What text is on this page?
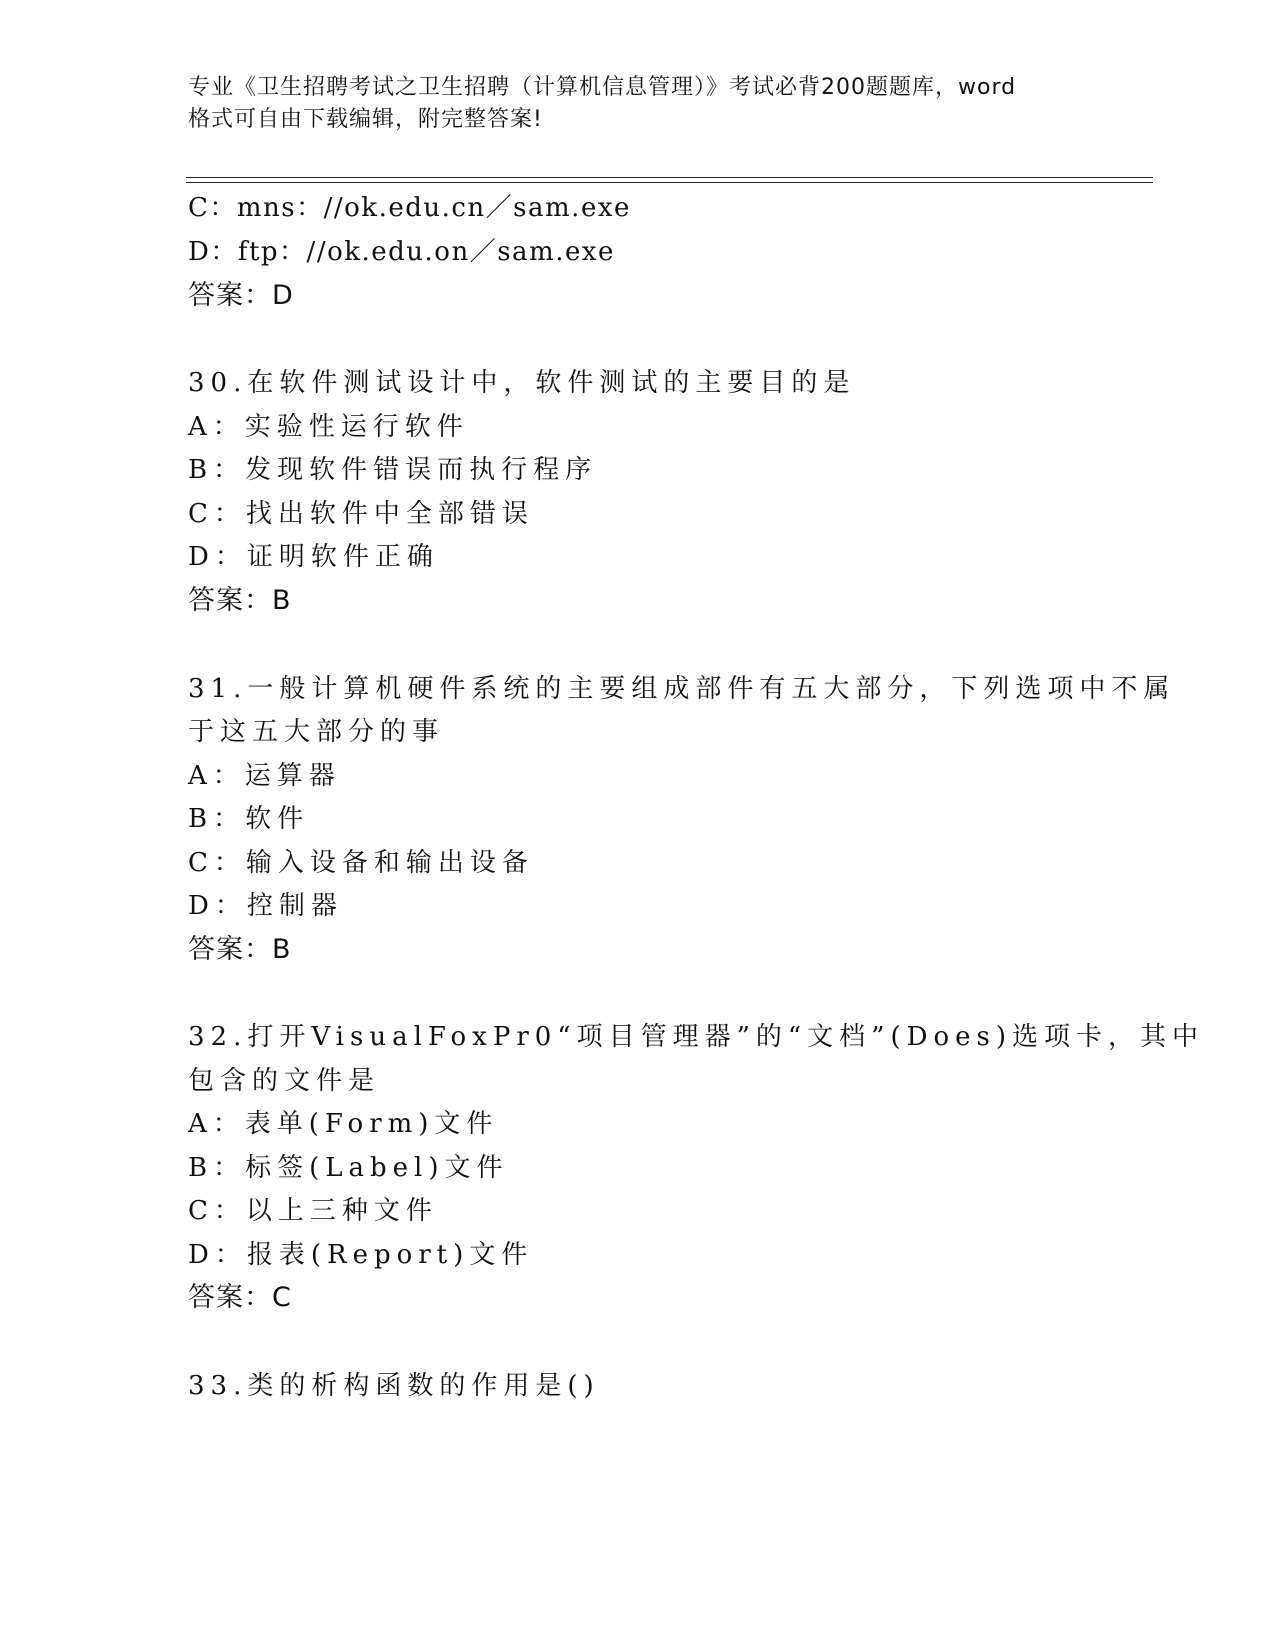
专业《卫生招聘考试之卫生招聘（计算机信息管理）》考试必背200题题库，word
格式可自由下载编辑，附完整答案!
C：mns：//ok.edu.cn／sam.exe
D：ftp：//ok.edu.on／sam.exe
答案：D
30.在软件测试设计中，软件测试的主要目的是
A：实验性运行软件
B：发现软件错误而执行程序
C：找出软件中全部错误
D：证明软件正确
答案：B
31.一般计算机硬件系统的主要组成部件有五大部分，下列选项中不属
于这五大部分的事
A：运算器
B：软件
C：输入设备和输出设备
D：控制器
答案：B
32.打开VisualFoxPr0“项目管理器”的“文档”(Does)选项卡，其中
包含的文件是
A：表单(Form)文件
B：标签(Label)文件
C：以上三种文件
D：报表(Report)文件
答案：C
33.类的析构函数的作用是()
